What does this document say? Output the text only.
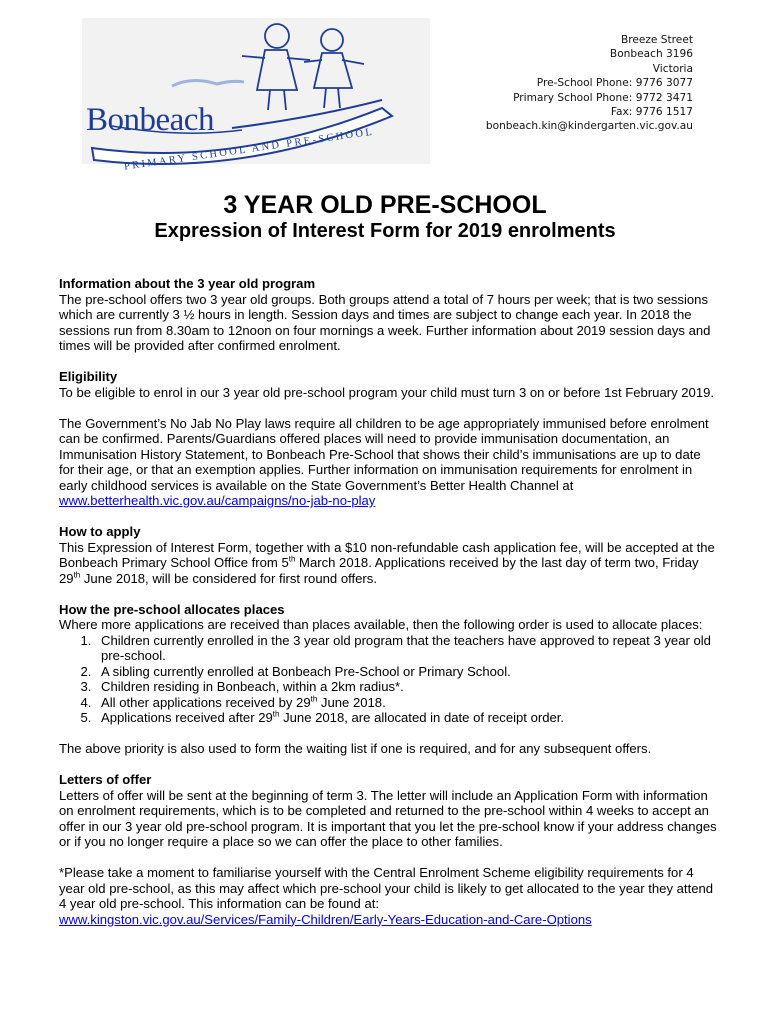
PRIMARY SCHOOL AND PRE-SCHOOL
Bonbeach
Breeze Street
Bonbeach 3196
Victoria
Pre-School Phone: 9776 3077
Primary School Phone: 9772 3471
Fax: 9776 1517
bonbeach.kin@kindergarten.vic.gov.au
3 YEAR OLD PRE-SCHOOL
Expression of Interest Form for 2019 enrolments

Information about the 3 year old program

The pre-school offers two 3 year old groups. Both groups attend a total of 7 hours per week; that is two sessions which are currently 3 ½ hours in length. Session days and times are subject to change each year. In 2018 the sessions run from 8.30am to 12noon on four mornings a week. Further information about 2019 session days and times will be provided after confirmed enrolment.

Eligibility

To be eligible to enrol in our 3 year old pre-school program your child must turn 3 on or before 1st February 2019.

The Government’s No Jab No Play laws require all children to be age appropriately immunised before enrolment can be confirmed. Parents/Guardians offered places will need to provide immunisation documentation, an Immunisation History Statement, to Bonbeach Pre-School that shows their child’s immunisations are up to date for their age, or that an exemption applies. Further information on immunisation requirements for enrolment in early childhood services is available on the State Government’s Better Health Channel at www.betterhealth.vic.gov.au/campaigns/no-jab-no-play

How to apply

This Expression of Interest Form, together with a $10 non-refundable cash application fee, will be accepted at the Bonbeach Primary School Office from 5th March 2018. Applications received by the last day of term two, Friday 29th June 2018, will be considered for first round offers.

How the pre-school allocates places

Where more applications are received than places available, then the following order is used to allocate places:

1. Children currently enrolled in the 3 year old program that the teachers have approved to repeat 3 year old pre-school.
2. A sibling currently enrolled at Bonbeach Pre-School or Primary School.
3. Children residing in Bonbeach, within a 2km radius*.
4. All other applications received by 29th June 2018.
5. Applications received after 29th June 2018, are allocated in date of receipt order.

The above priority is also used to form the waiting list if one is required, and for any subsequent offers.

Letters of offer

Letters of offer will be sent at the beginning of term 3. The letter will include an Application Form with information on enrolment requirements, which is to be completed and returned to the pre-school within 4 weeks to accept an offer in our 3 year old pre-school program. It is important that you let the pre-school know if your address changes or if you no longer require a place so we can offer the place to other families.

*Please take a moment to familiarise yourself with the Central Enrolment Scheme eligibility requirements for 4 year old pre-school, as this may affect which pre-school your child is likely to get allocated to the year they attend 4 year old pre-school. This information can be found at:

www.kingston.vic.gov.au/Services/Family-Children/Early-Years-Education-and-Care-Options
